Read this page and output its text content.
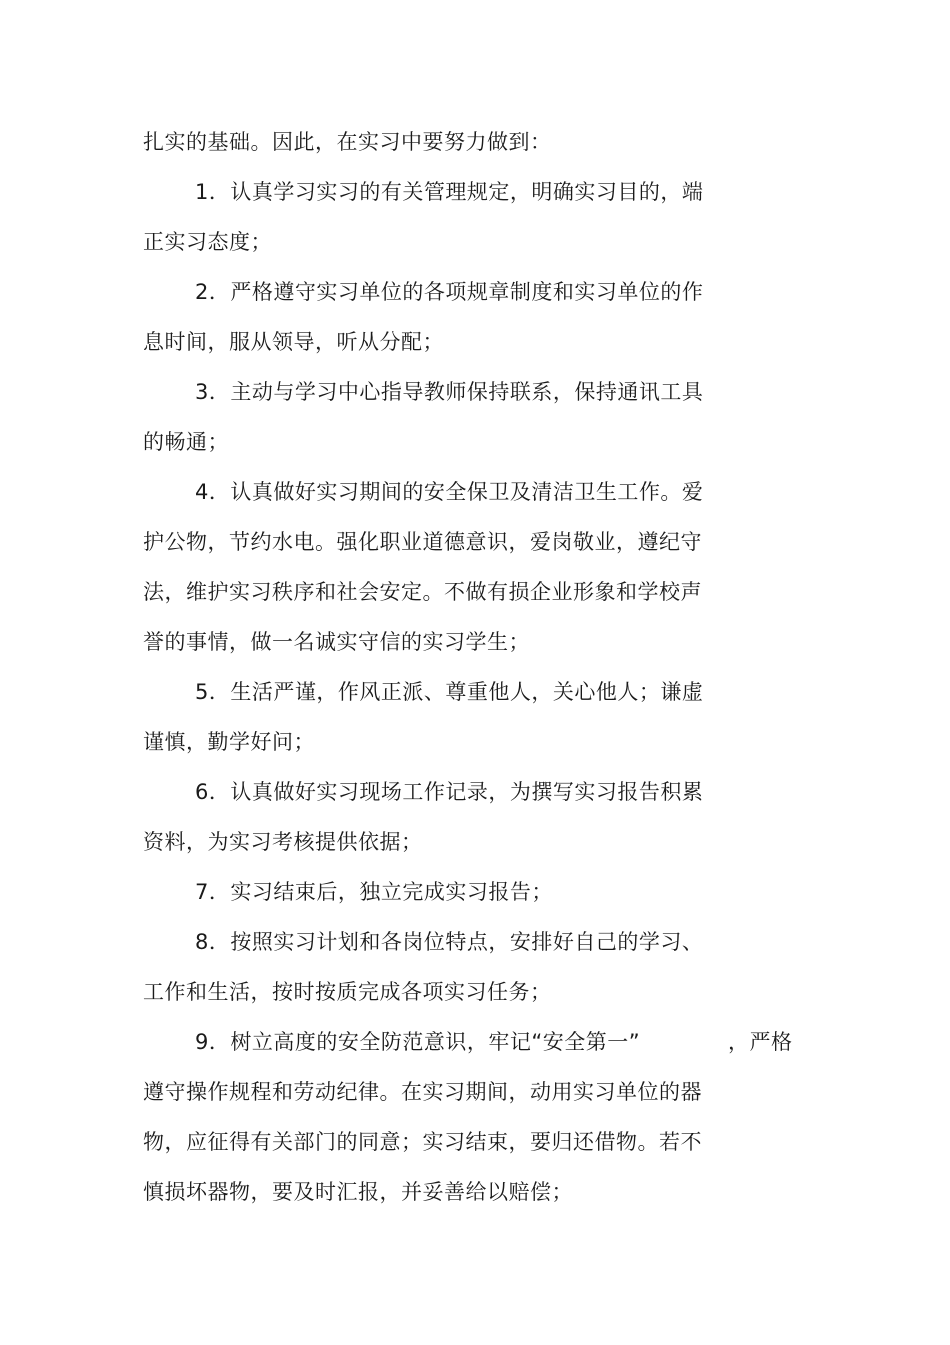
扎实的基础。因此，在实习中要努力做到：
1．认真学习实习的有关管理规定，明确实习目的，端
正实习态度；
2．严格遵守实习单位的各项规章制度和实习单位的作
息时间，服从领导，听从分配；
3．主动与学习中心指导教师保持联系，保持通讯工具
的畅通；
4．认真做好实习期间的安全保卫及清洁卫生工作。爱
护公物，节约水电。强化职业道德意识，爱岗敬业，遵纪守
法，维护实习秩序和社会安定。不做有损企业形象和学校声
誉的事情，做一名诚实守信的实习学生；
5．生活严谨，作风正派、尊重他人，关心他人；谦虚
谨慎，勤学好问；
6．认真做好实习现场工作记录，为撰写实习报告积累
资料，为实习考核提供依据；
7．实习结束后，独立完成实习报告；
8．按照实习计划和各岗位特点，安排好自己的学习、
工作和生活，按时按质完成各项实习任务；
9．树立高度的安全防范意识，牢记“安全第一”	，严格
遵守操作规程和劳动纪律。在实习期间，动用实习单位的器
物，应征得有关部门的同意；实习结束，要归还借物。若不
慎损坏器物，要及时汇报，并妥善给以赔偿；
